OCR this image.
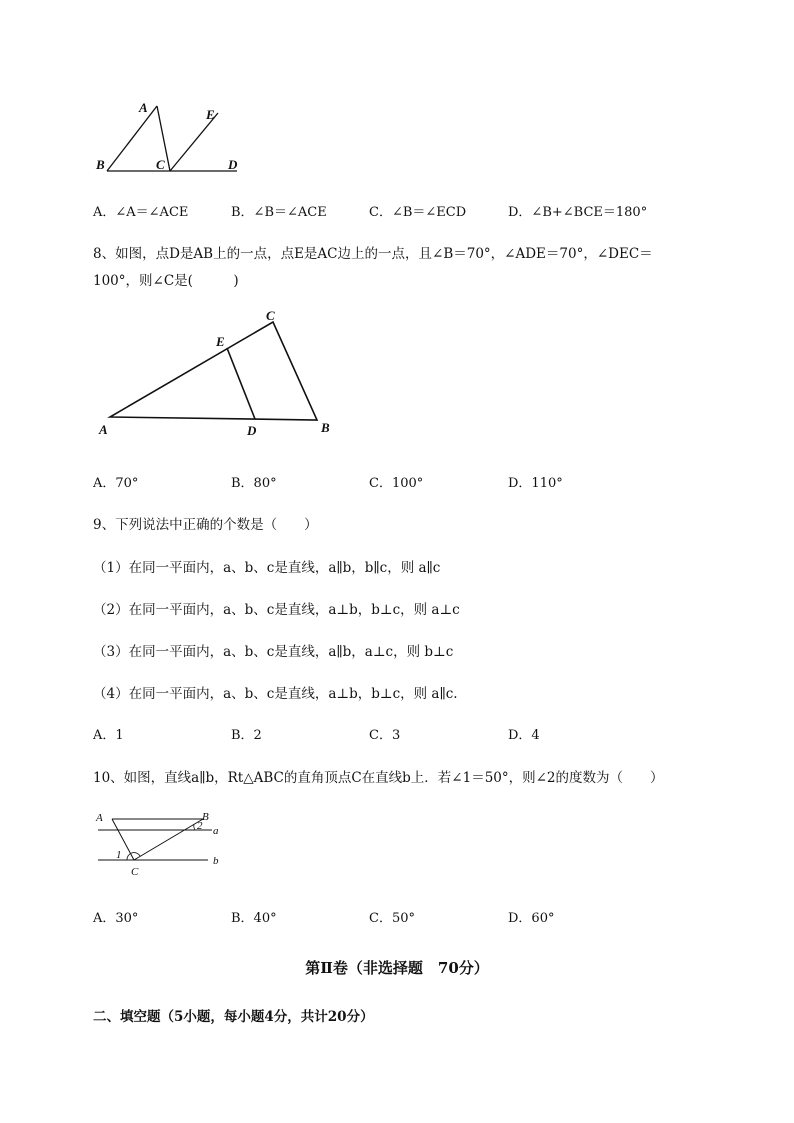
A
B	C	D
E
A．∠A＝∠ACE	B．∠B＝∠ACE	C．∠B＝∠ECD	D．∠B+∠BCE＝180°
8、如图，点D是AB上的一点，点E是AC边上的一点，且∠B＝70°，∠ADE＝70°，∠DEC＝
100°，则∠C是(　　　)
A	B
C
D
E
A．70°	B．80°	C．100°	D．110°
9、下列说法中正确的个数是（　　）
（1）在同一平面内，a、b、c是直线，a∥b，b∥c，则 a∥c
（2）在同一平面内，a、b、c是直线，a⊥b，b⊥c，则 a⊥c
（3）在同一平面内，a、b、c是直线，a∥b，a⊥c，则 b⊥c
（4）在同一平面内，a、b、c是直线，a⊥b，b⊥c，则 a∥c.
A．1	B．2	C．3	D．4
10、如图，直线a∥b，Rt△ABC的直角顶点C在直线b上．若∠1＝50°，则∠2的度数为（　　）
A	B
C
a
b
1
2
A．30°	B．40°	C．50°	D．60°
第Ⅱ卷（非选择题　70分）
二、填空题（5小题，每小题4分，共计20分）
